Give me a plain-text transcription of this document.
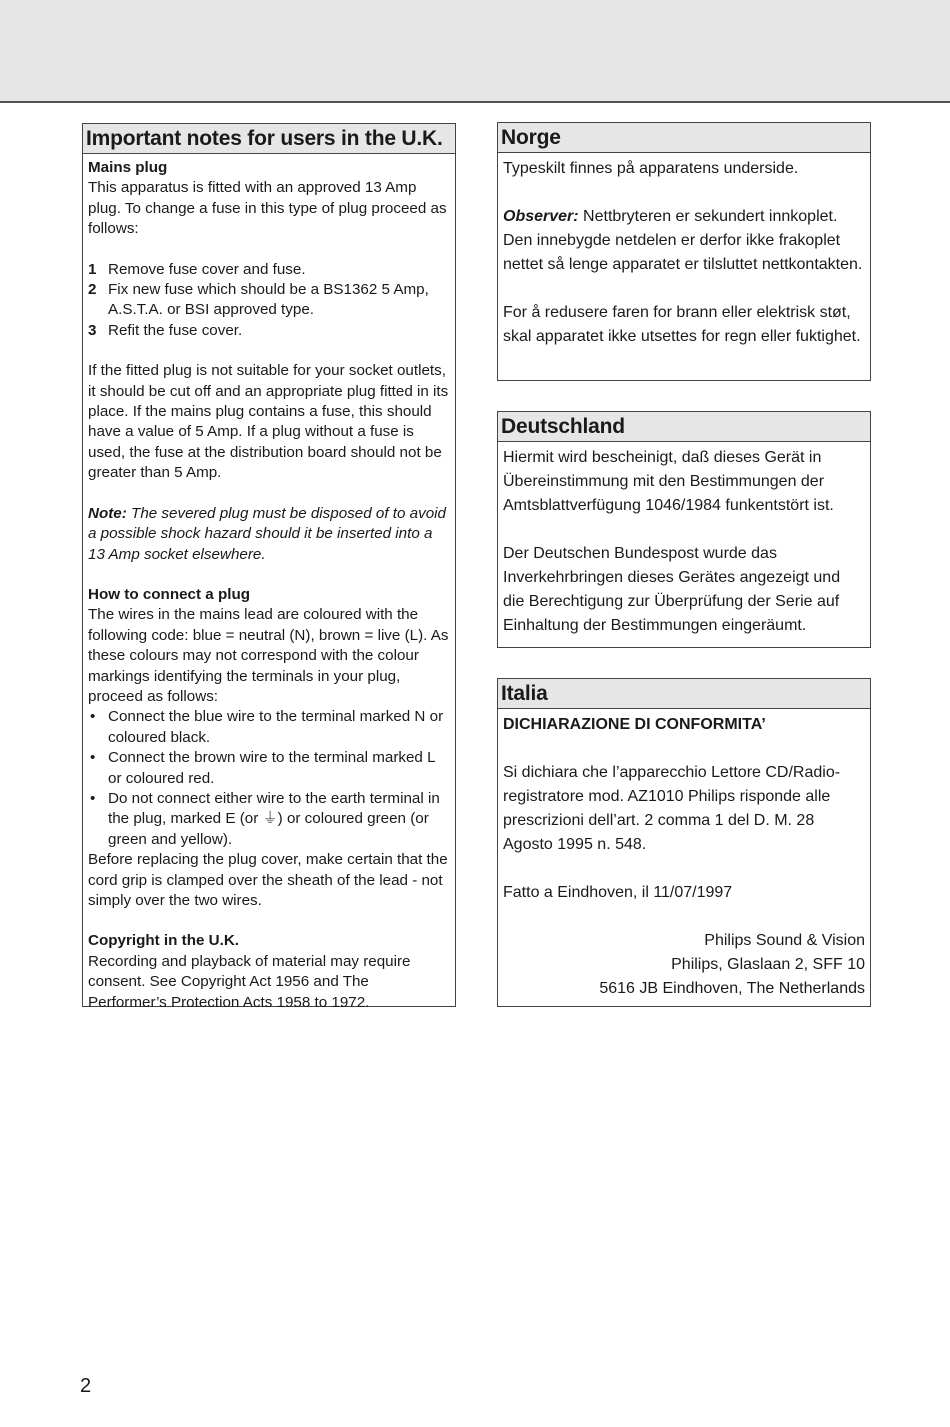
Important notes for users in the U.K.

Mains plug

This apparatus is fitted with an approved 13 Amp plug. To change a fuse in this type of plug proceed as follows:

1 Remove fuse cover and fuse.
2 Fix new fuse which should be a BS1362 5 Amp, A.S.T.A. or BSI approved type.
3 Refit the fuse cover.

If the fitted plug is not suitable for your socket outlets, it should be cut off and an appropriate plug fitted in its place. If the mains plug contains a fuse, this should have a value of 5 Amp. If a plug without a fuse is used, the fuse at the distribution board should not be greater than 5 Amp.

Note: The severed plug must be disposed of to avoid a possible shock hazard should it be inserted into a 13 Amp socket elsewhere.

How to connect a plug

The wires in the mains lead are coloured with the following code: blue = neutral (N), brown = live (L). As these colours may not correspond with the colour markings identifying the terminals in your plug, proceed as follows:

• Connect the blue wire to the terminal marked N or coloured black.
• Connect the brown wire to the terminal marked L or coloured red.
• Do not connect either wire to the earth terminal in the plug, marked E (or ⏚) or coloured green (or green and yellow).

Before replacing the plug cover, make certain that the cord grip is clamped over the sheath of the lead - not simply over the two wires.

Copyright in the U.K.

Recording and playback of material may require consent. See Copyright Act 1956 and The Performer’s Protection Acts 1958 to 1972.

Norge

Typeskilt finnes på apparatens underside.

Observer: Nettbryteren er sekundert innkoplet. Den innebygde netdelen er derfor ikke frakoplet nettet så lenge apparatet er tilsluttet nettkontakten.

For å redusere faren for brann eller elektrisk støt, skal apparatet ikke utsettes for regn eller fuktighet.

Deutschland

Hiermit wird bescheinigt, daß dieses Gerät in Übereinstimmung mit den Bestimmungen der Amtsblattverfügung 1046/1984 funkentstört ist.

Der Deutschen Bundespost wurde das Inverkehrbringen dieses Gerätes angezeigt und die Berechtigung zur Überprüfung der Serie auf Einhaltung der Bestimmungen eingeräumt.

Italia

DICHIARAZIONE DI CONFORMITA’

Si dichiara che l’apparecchio Lettore CD/Radio-registratore mod. AZ1010 Philips risponde alle prescrizioni dell’art. 2 comma 1 del D. M. 28 Agosto 1995 n. 548.

Fatto a Eindhoven, il 11/07/1997

Philips Sound & Vision

Philips, Glaslaan 2, SFF 10

5616 JB Eindhoven, The Netherlands

2
